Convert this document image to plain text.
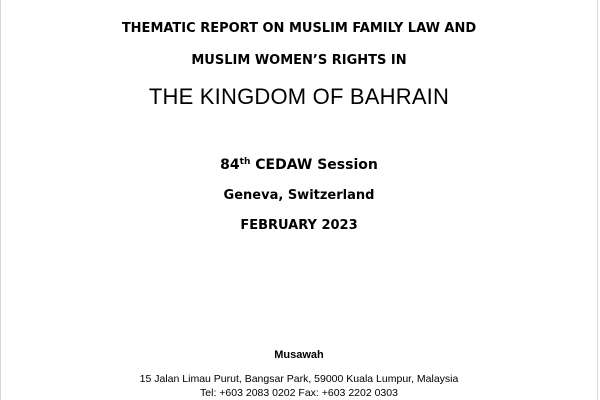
THEMATIC REPORT ON MUSLIM FAMILY LAW AND
MUSLIM WOMEN’S RIGHTS IN
THE KINGDOM OF BAHRAIN
84th CEDAW Session
Geneva, Switzerland
FEBRUARY 2023
Musawah
15 Jalan Limau Purut, Bangsar Park, 59000 Kuala Lumpur, Malaysia
Tel: +603 2083 0202 Fax: +603 2202 0303
